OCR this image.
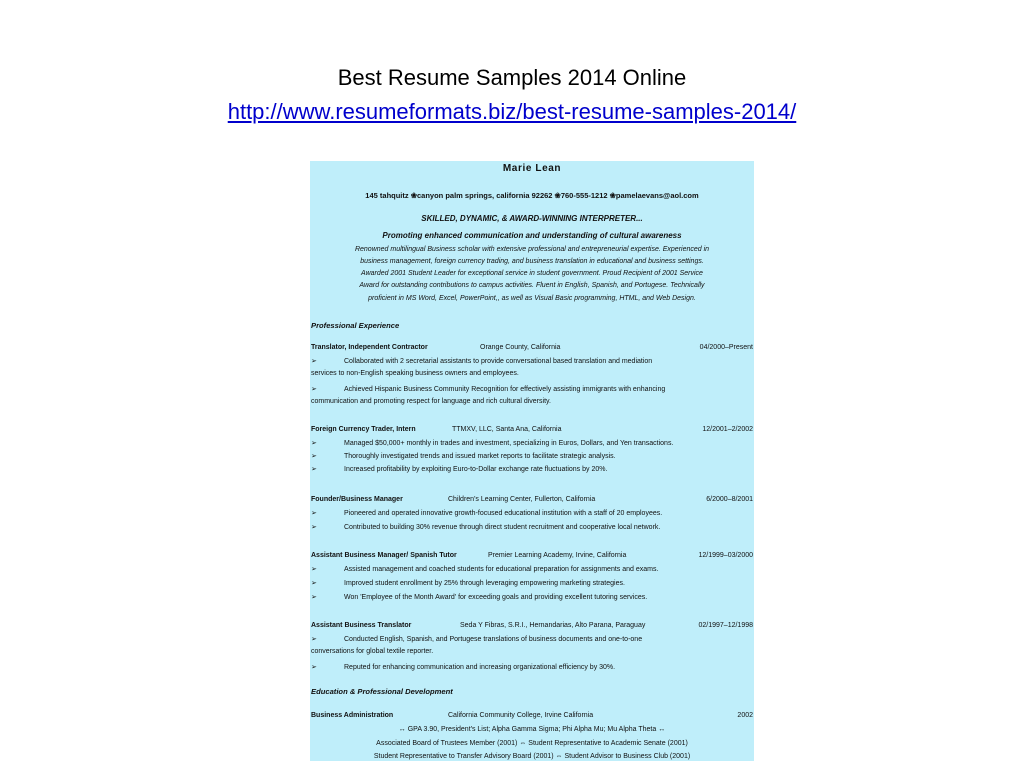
Best Resume Samples 2014 Online
http://www.resumeformats.biz/best-resume-samples-2014/
Marie Lean
145 tahquitz ❀canyon palm springs, california 92262 ❀760-555-1212 ❀pamelaevans@aol.com
SKILLED, DYNAMIC, & AWARD-WINNING INTERPRETER...
Promoting enhanced communication and understanding of cultural awareness
Renowned multilingual Business scholar with extensive professional and entrepreneurial expertise. Experienced in
business management, foreign currency trading, and business translation in educational and business settings.
Awarded 2001 Student Leader for exceptional service in student government. Proud Recipient of 2001 Service
Award for outstanding contributions to campus activities. Fluent in English, Spanish, and Portugese. Technically
proficient in MS Word, Excel, PowerPoint,, as well as Visual Basic programming, HTML, and Web Design.
Professional Experience
Translator, Independent Contractor	Orange County, California	04/2000–Present
➢	Collaborated with 2 secretarial assistants to provide conversational based translation and mediation
services to non-English speaking business owners and employees.
➢	Achieved Hispanic Business Community Recognition for effectively assisting immigrants with enhancing
communication and promoting respect for language and rich cultural diversity.
Foreign Currency Trader, Intern	TTMXV, LLC, Santa Ana, California	12/2001–2/2002
➢	Managed $50,000+ monthly in trades and investment, specializing in Euros, Dollars, and Yen transactions.
➢	Thoroughly investigated trends and issued market reports to facilitate strategic analysis.
➢	Increased profitability by exploiting Euro-to-Dollar exchange rate fluctuations by 20%.
Founder/Business Manager	Children's Learning Center, Fullerton, California	6/2000–8/2001
➢	Pioneered and operated innovative growth-focused educational institution with a staff of 20 employees.
➢	Contributed to building 30% revenue through direct student recruitment and cooperative local network.
Assistant Business Manager/ Spanish Tutor	Premier Learning Academy, Irvine, California	12/1999–03/2000
➢	Assisted management and coached students for educational preparation for assignments and exams.
➢	Improved student enrollment by 25% through leveraging empowering marketing strategies.
➢	Won 'Employee of the Month Award' for exceeding goals and providing excellent tutoring services.
Assistant Business Translator	Seda Y Fibras, S.R.I., Hernandarias, Alto Parana, Paraguay	02/1997–12/1998
➢	Conducted English, Spanish, and Portugese translations of business documents and one-to-one
conversations for global textile reporter.
➢	Reputed for enhancing communication and increasing organizational efficiency by 30%.
Education & Professional Development
Business Administration	California Community College, Irvine California	2002
↔ GPA 3.90, President's List; Alpha Gamma Sigma; Phi Alpha Mu; Mu Alpha Theta ↔
Associated Board of Trustees Member (2001) ⇔ Student Representative to Academic Senate (2001)
Student Representative to Transfer Advisory Board (2001) ⇔ Student Advisor to Business Club (2001)
